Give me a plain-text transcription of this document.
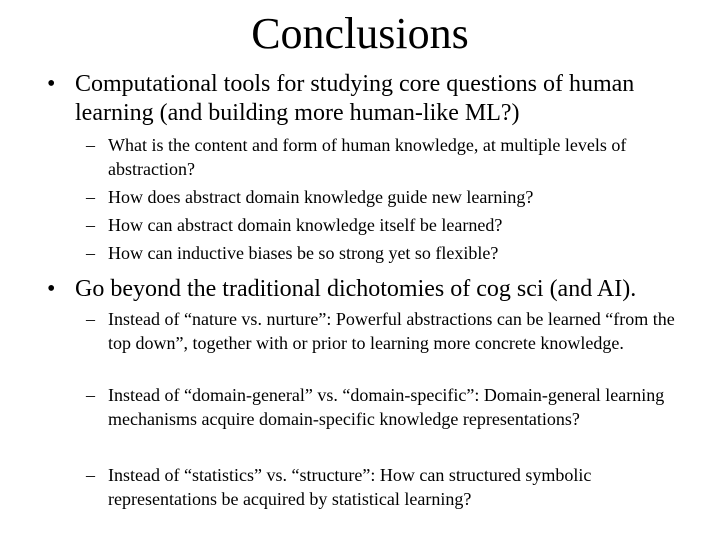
Conclusions
• Computational tools for studying core questions of human learning (and building more human-like ML?)
– What is the content and form of human knowledge, at multiple levels of abstraction?
– How does abstract domain knowledge guide new learning?
– How can abstract domain knowledge itself be learned?
– How can inductive biases be so strong yet so flexible?
• Go beyond the traditional dichotomies of cog sci (and AI).
– Instead of “nature vs. nurture”: Powerful abstractions can be learned “from the top down”, together with or prior to learning more concrete knowledge.
– Instead of “domain-general” vs. “domain-specific”: Domain-general learning mechanisms acquire domain-specific knowledge representations?
– Instead of “statistics” vs. “structure”: How can structured symbolic representations be acquired by statistical learning?
